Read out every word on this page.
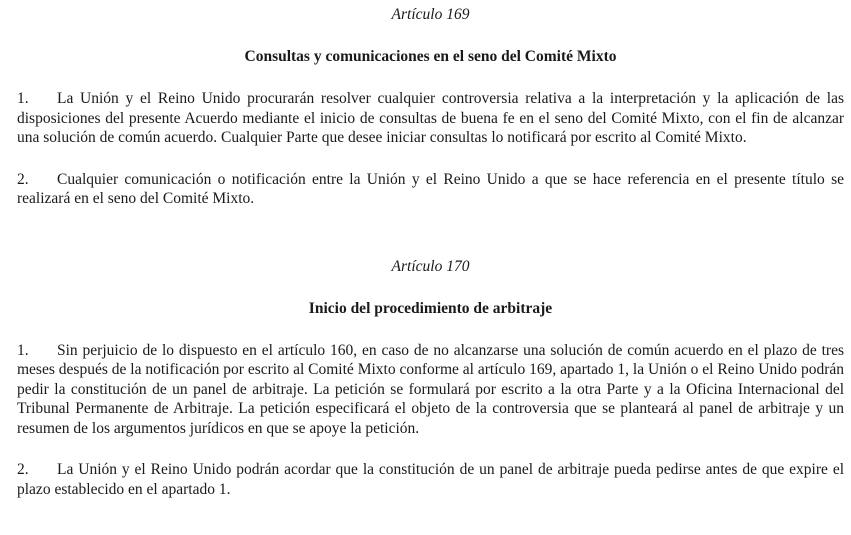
Artículo 169

Consultas y comunicaciones en el seno del Comité Mixto

1. La Unión y el Reino Unido procurarán resolver cualquier controversia relativa a la interpretación y la aplicación de las disposiciones del presente Acuerdo mediante el inicio de consultas de buena fe en el seno del Comité Mixto, con el fin de alcanzar una solución de común acuerdo. Cualquier Parte que desee iniciar consultas lo notificará por escrito al Comité Mixto.

2. Cualquier comunicación o notificación entre la Unión y el Reino Unido a que se hace referencia en el presente título se realizará en el seno del Comité Mixto.

Artículo 170

Inicio del procedimiento de arbitraje

1. Sin perjuicio de lo dispuesto en el artículo 160, en caso de no alcanzarse una solución de común acuerdo en el plazo de tres meses después de la notificación por escrito al Comité Mixto conforme al artículo 169, apartado 1, la Unión o el Reino Unido podrán pedir la constitución de un panel de arbitraje. La petición se formulará por escrito a la otra Parte y a la Oficina Internacional del Tribunal Permanente de Arbitraje. La petición especificará el objeto de la controversia que se planteará al panel de arbitraje y un resumen de los argumentos jurídicos en que se apoye la petición.

2. La Unión y el Reino Unido podrán acordar que la constitución de un panel de arbitraje pueda pedirse antes de que expire el plazo establecido en el apartado 1.
